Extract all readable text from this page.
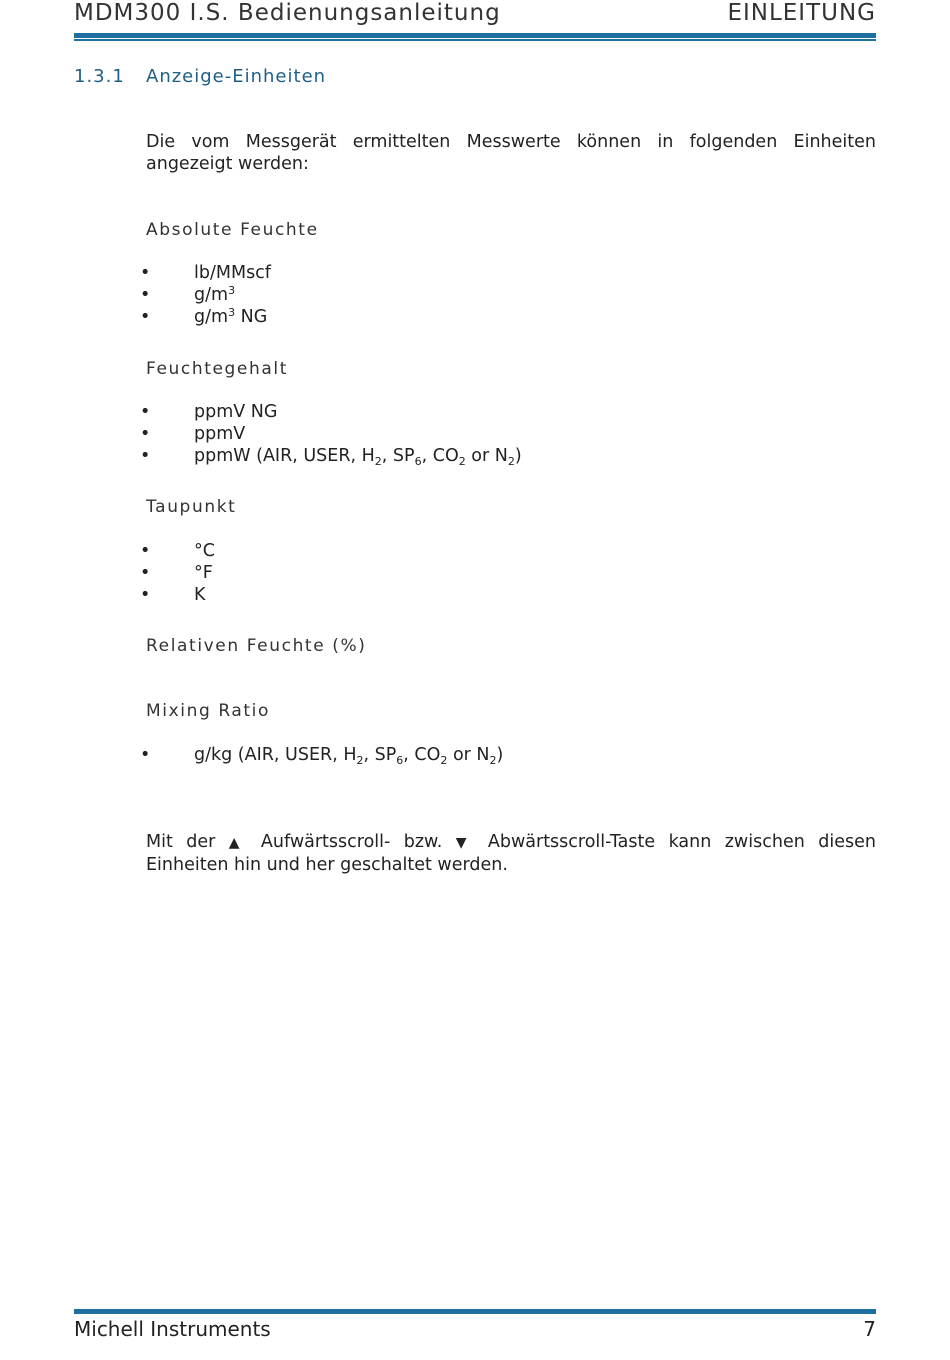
MDM300 I.S. Bedienungsanleitung	EINLEITUNG
1.3.1 Anzeige-Einheiten
Die vom Messgerät ermittelten Messwerte können in folgenden Einheiten angezeigt werden:
Absolute Feuchte
• lb/MMscf
• $g/m^3$
• $g/m^3$ NG
Feuchtegehalt
• ppmV NG
• ppmV
• ppmW (AIR, USER, $H_2$, $SP_6$, $CO_2$ or $N_2$)
Taupunkt
• °C
• °F
• K
Relativen Feuchte (%)
Mixing Ratio
• g/kg (AIR, USER, $H_2$, $SP_6$, $CO_2$ or $N_2$)
Mit der ▲ Aufwärtsscroll- bzw. ▼ Abwärtsscroll-Taste kann zwischen diesen Einheiten hin und her geschaltet werden.
Michell Instruments	7
